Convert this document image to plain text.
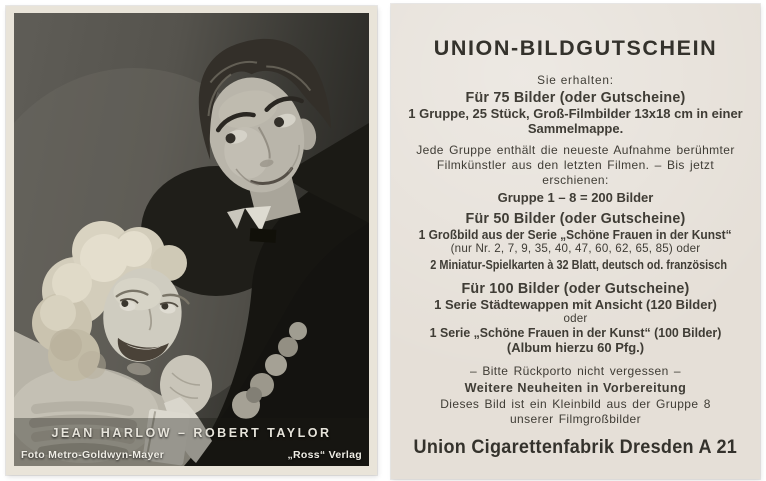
JEAN HARLOW – ROBERT TAYLOR
Foto Metro-Goldwyn-Mayer	„Ross“ Verlag
UNION-BILDGUTSCHEIN
Sie erhalten:
Für 75 Bilder (oder Gutscheine)
1 Gruppe, 25 Stück, Groß-Filmbilder 13x18 cm in einer Sammelmappe.
Jede Gruppe enthält die neueste Aufnahme berühmter Filmkünstler aus den letzten Filmen. – Bis jetzt erschienen:
Gruppe 1 – 8 = 200 Bilder
Für 50 Bilder (oder Gutscheine)
1 Großbild aus der Serie „Schöne Frauen in der Kunst“
(nur Nr. 2, 7, 9, 35, 40, 47, 60, 62, 65, 85) oder
2 Miniatur-Spielkarten à 32 Blatt, deutsch od. französisch
Für 100 Bilder (oder Gutscheine)
1 Serie Städtewappen mit Ansicht (120 Bilder)
oder
1 Serie „Schöne Frauen in der Kunst“ (100 Bilder)
(Album hierzu 60 Pfg.)
– Bitte Rückporto nicht vergessen –
Weitere Neuheiten in Vorbereitung
Dieses Bild ist ein Kleinbild aus der Gruppe 8 unserer Filmgroßbilder
Union Cigarettenfabrik Dresden A 21
